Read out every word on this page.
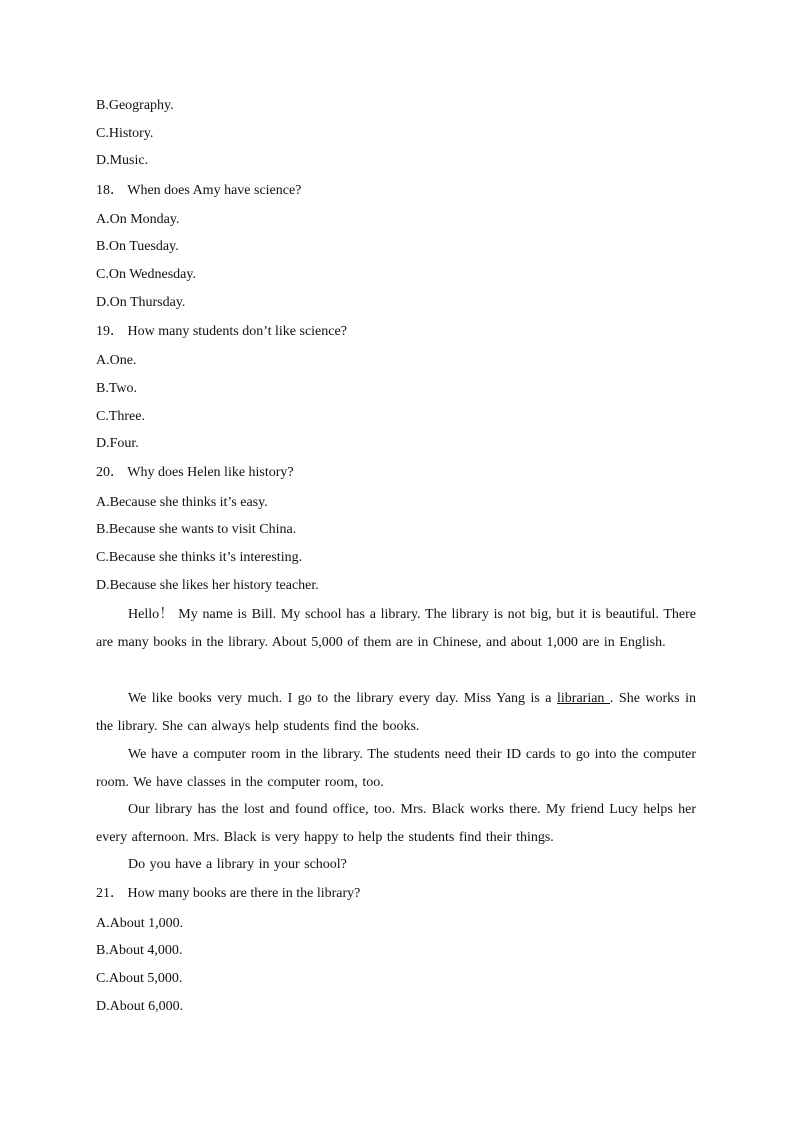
B.Geography.
C.History.
D.Music.
18． When does Amy have science?
A.On Monday.
B.On Tuesday.
C.On Wednesday.
D.On Thursday.
19． How many students don’t like science?
A.One.
B.Two.
C.Three.
D.Four.
20． Why does Helen like history?
A.Because she thinks it’s easy.
B.Because she wants to visit China.
C.Because she thinks it’s interesting.
D.Because she likes her history teacher.
Hello！ My name is Bill. My school has a library. The library is not big, but it is beautiful. There are many books in the library. About 5,000 of them are in Chinese, and about 1,000 are in English.
We like books very much. I go to the library every day. Miss Yang is a librarian . She works in the library. She can always help students find the books.
We have a computer room in the library. The students need their ID cards to go into the computer room. We have classes in the computer room, too.
Our library has the lost and found office, too. Mrs. Black works there. My friend Lucy helps her every afternoon. Mrs. Black is very happy to help the students find their things.
Do you have a library in your school?
21． How many books are there in the library?
A.About 1,000.
B.About 4,000.
C.About 5,000.
D.About 6,000.
